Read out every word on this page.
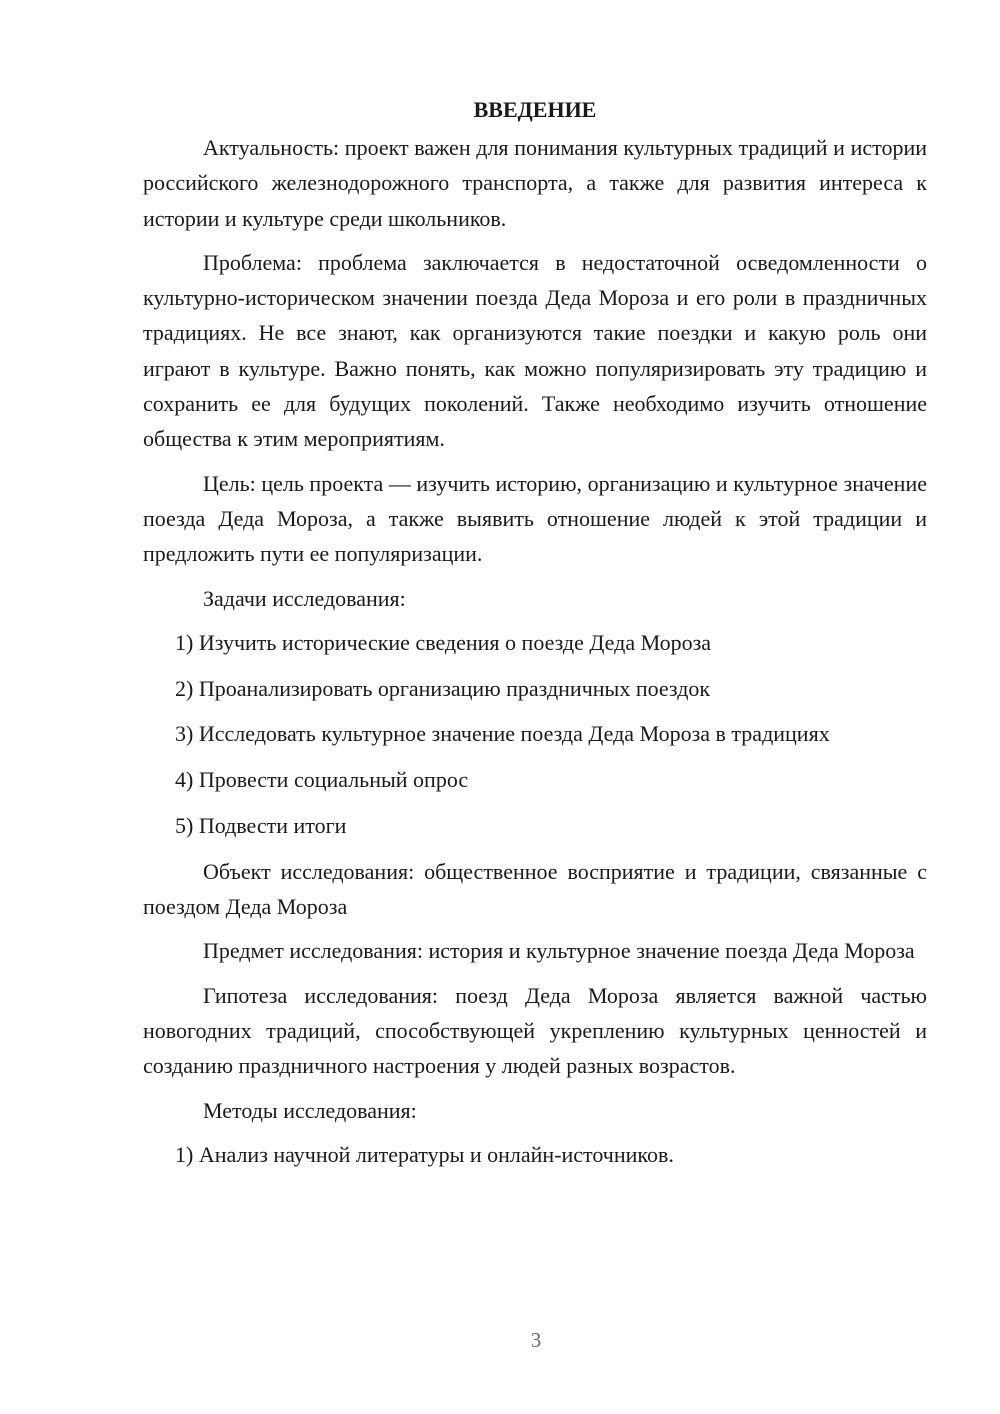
ВВЕДЕНИЕ

Актуальность: проект важен для понимания культурных традиций и истории российского железнодорожного транспорта, а также для развития интереса к истории и культуре среди школьников.

Проблема: проблема заключается в недостаточной осведомленности о культурно-историческом значении поезда Деда Мороза и его роли в праздничных традициях. Не все знают, как организуются такие поездки и какую роль они играют в культуре. Важно понять, как можно популяризировать эту традицию и сохранить ее для будущих поколений. Также необходимо изучить отношение общества к этим мероприятиям.

Цель: цель проекта — изучить историю, организацию и культурное значение поезда Деда Мороза, а также выявить отношение людей к этой традиции и предложить пути ее популяризации.

Задачи исследования:

1) Изучить исторические сведения о поезде Деда Мороза
2) Проанализировать организацию праздничных поездок
3) Исследовать культурное значение поезда Деда Мороза в традициях
4) Провести социальный опрос
5) Подвести итоги

Объект исследования: общественное восприятие и традиции, связанные с поездом Деда Мороза

Предмет исследования: история и культурное значение поезда Деда Мороза

Гипотеза исследования: поезд Деда Мороза является важной частью новогодних традиций, способствующей укреплению культурных ценностей и созданию праздничного настроения у людей разных возрастов.

Методы исследования:

1) Анализ научной литературы и онлайн-источников.
3
